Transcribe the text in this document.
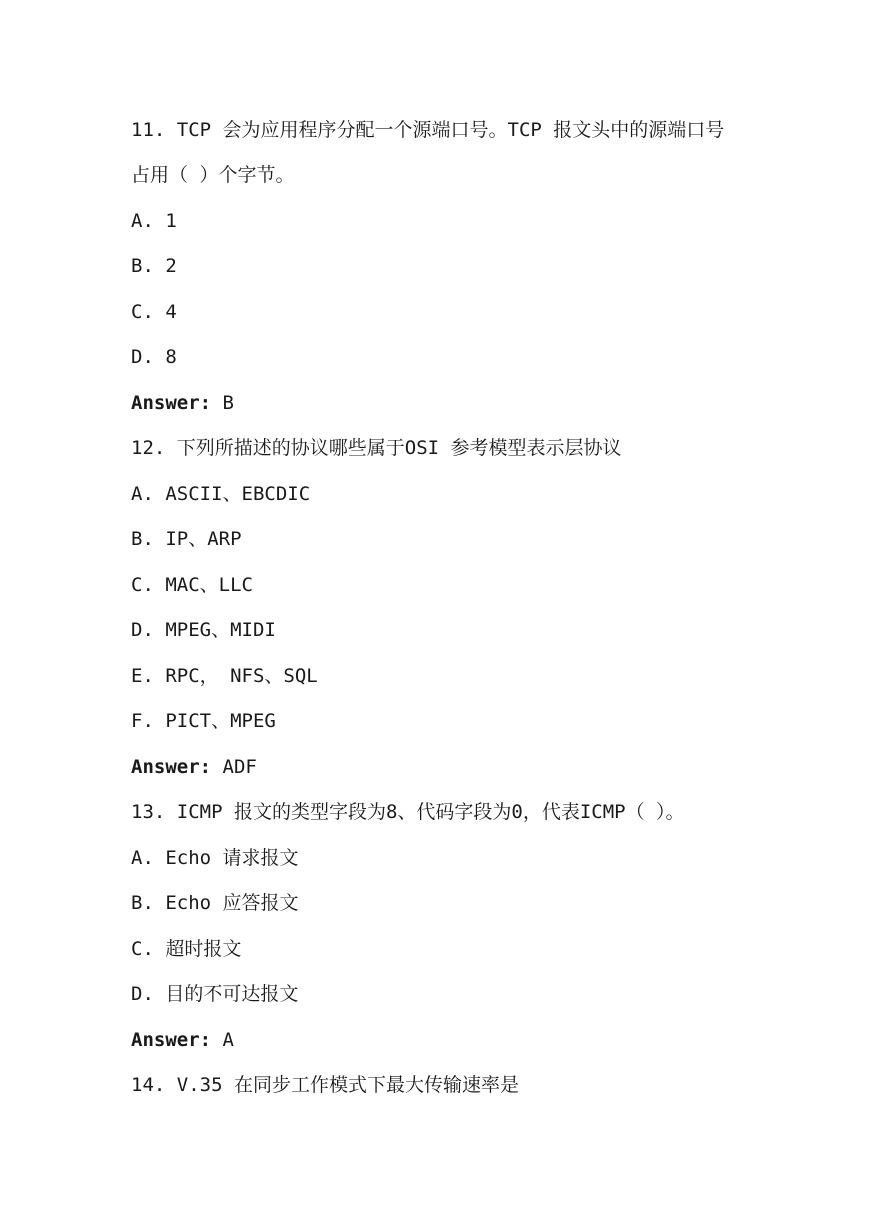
11. TCP 会为应用程序分配一个源端口号。TCP 报文头中的源端口号
占用（ ）个字节。
A. 1
B. 2
C. 4
D. 8
Answer: B
12. 下列所描述的协议哪些属于OSI 参考模型表示层协议
A. ASCII、EBCDIC
B. IP、ARP
C. MAC、LLC
D. MPEG、MIDI
E. RPC， NFS、SQL
F. PICT、MPEG
Answer: ADF
13. ICMP 报文的类型字段为8、代码字段为0，代表ICMP（ ）。
A. Echo 请求报文
B. Echo 应答报文
C. 超时报文
D. 目的不可达报文
Answer: A
14. V.35 在同步工作模式下最大传输速率是
